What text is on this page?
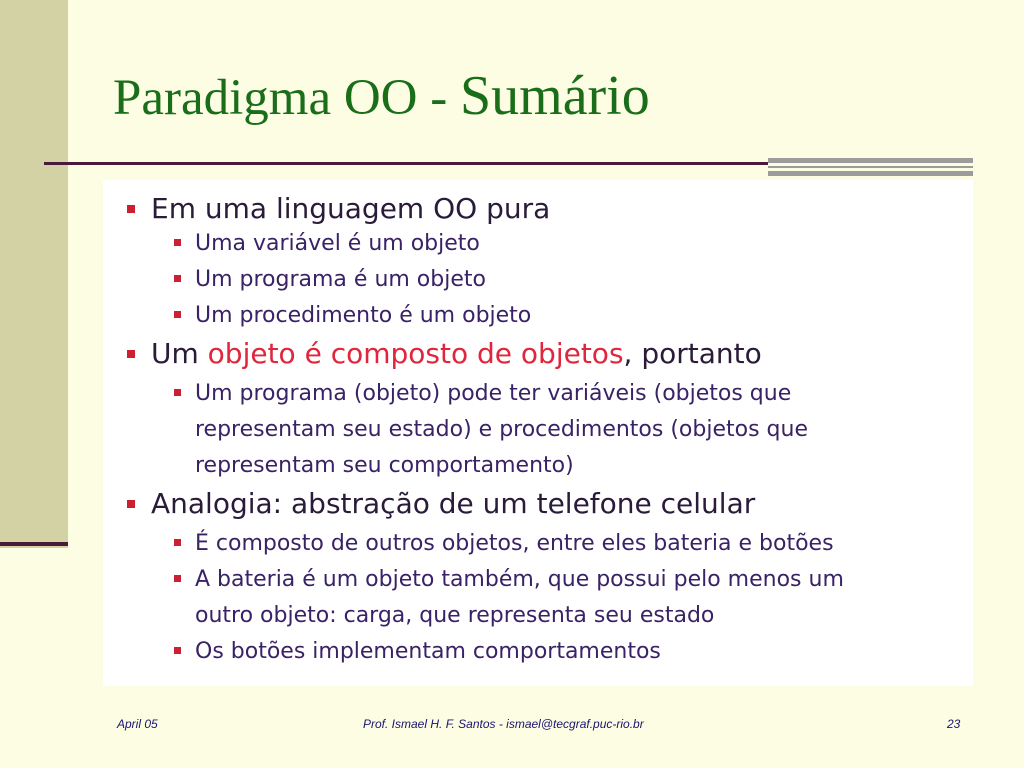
Paradigma OO - Sumário
Em uma linguagem OO pura
Uma variável é um objeto
Um programa é um objeto
Um procedimento é um objeto
Um objeto é composto de objetos, portanto
Um programa (objeto) pode ter variáveis (objetos que
representam seu estado) e procedimentos (objetos que
representam seu comportamento)
Analogia: abstração de um telefone celular
É composto de outros objetos, entre eles bateria e botões
A bateria é um objeto também, que possui pelo menos um
outro objeto: carga, que representa seu estado
Os botões implementam comportamentos
April 05	Prof. Ismael H. F. Santos - ismael@tecgraf.puc-rio.br	23
